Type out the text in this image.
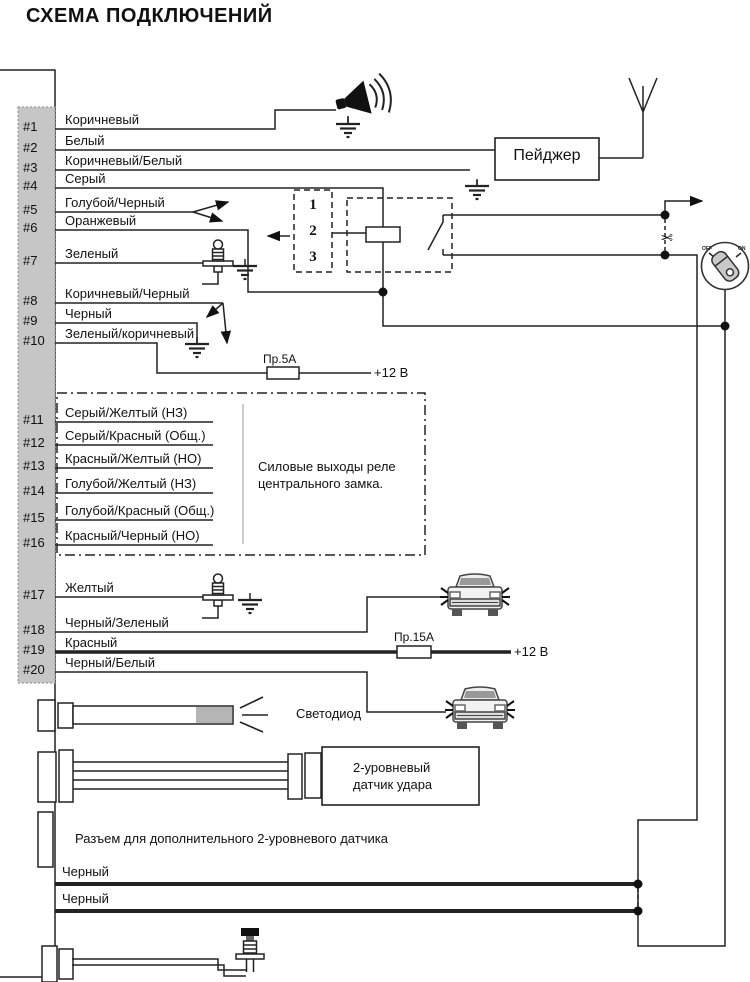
✂
СХЕМА ПОДКЛЮЧЕНИЙ
#1
#2
#3
#4
#5
#6
#7
#8
#9
#10
#11
#12
#13
#14
#15
#16
#17
#18
#19
#20
Коричневый
Белый
Коричневый/Белый
Серый
Голубой/Черный
Оранжевый
Зеленый
Коричневый/Черный
Черный
Зеленый/коричневый
Серый/Желтый (НЗ)
Серый/Красный (Общ.)
Красный/Желтый (НО)
Голубой/Желтый (НЗ)
Голубой/Красный (Общ.)
Красный/Черный (НО)
Желтый
Черный/Зеленый
Красный
Черный/Белый
Пейджер
Пр.5А
+12 В
Пр.15А
+12 В
Силовые выходы реле
центрального замка.
Светодиод
2-уровневый
датчик удара
Разъем для дополнительного 2-уровневого датчика
Черный
Черный
1
2
3	OFF	ON
